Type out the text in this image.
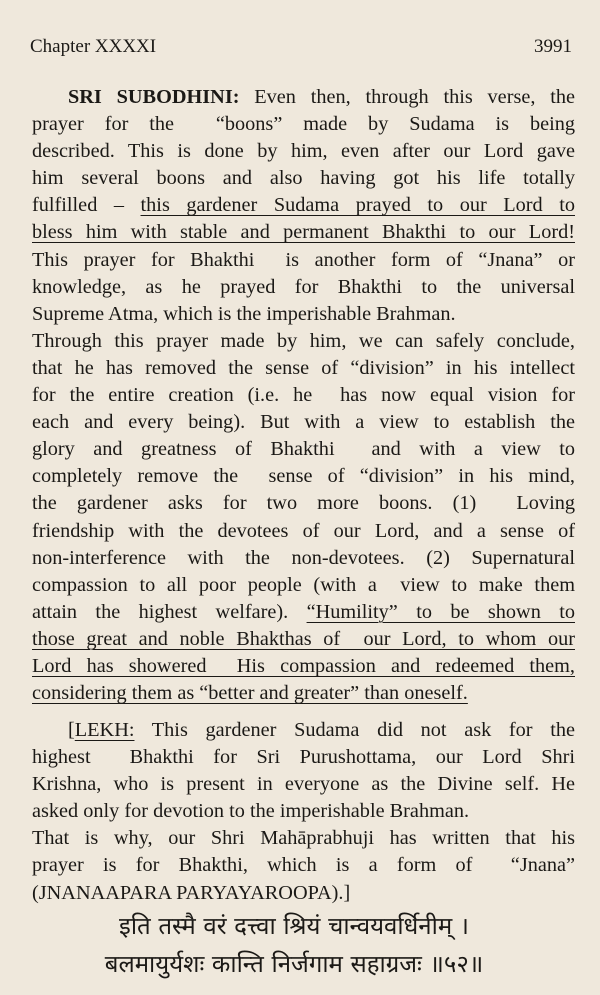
Chapter XXXXI	3991
SRI SUBODHINI: Even then, through this verse, the
prayer for the  “boons” made by Sudama is being
described. This is done by him, even after our Lord gave
him several boons and also having got his life totally
fulfilled – this gardener Sudama prayed to our Lord to
bless him with stable and permanent Bhakthi to our Lord!
This prayer for Bhakthi  is another form of “Jnana” or
knowledge, as he prayed for Bhakthi to the universal
Supreme Atma, which is the imperishable Brahman.
Through this prayer made by him, we can safely conclude,
that he has removed the sense of “division” in his intellect
for the entire creation (i.e. he  has now equal vision for
each and every being). But with a view to establish the
glory and greatness of Bhakthi  and with a view to
completely remove the  sense of “division” in his mind,
the gardener asks for two more boons. (1)  Loving
friendship with the devotees of our Lord, and a sense of
non-interference with the non-devotees. (2) Supernatural
compassion to all poor people (with a  view to make them
attain the highest welfare). “Humility” to be shown to
those great and noble Bhakthas of  our Lord, to whom our
Lord has showered  His compassion and redeemed them,
considering them as “better and greater” than oneself.
[LEKH: This gardener Sudama did not ask for the
highest  Bhakthi for Sri Purushottama, our Lord Shri
Krishna, who is present in everyone as the Divine self. He
asked only for devotion to the imperishable Brahman.
That is why, our Shri Mahāprabhuji has written that his
prayer is for Bhakthi, which is a form of  “Jnana”
(JNANAAPARA PARYAYAROOPA).]
इति तस्मै वरं दत्त्वा श्रियं चान्वयवर्धिनीम् ।
बलमायुर्यशः कान्ति निर्जगाम सहाग्रजः ॥५२॥
